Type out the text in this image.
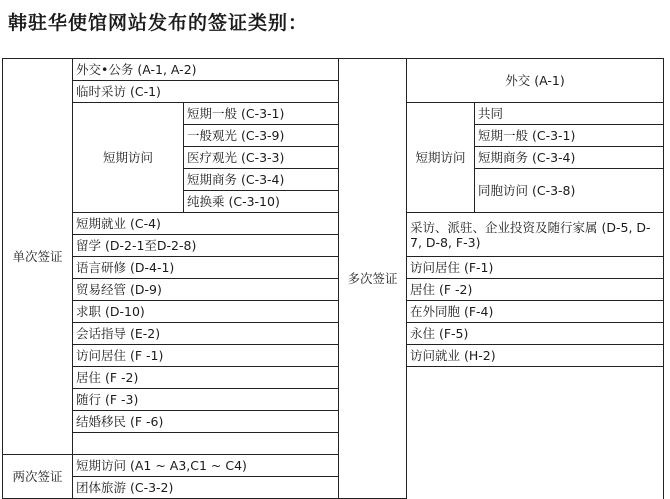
韩驻华使馆网站发布的签证类别：
单次签证	外交•公务 (A-1, A-2)		多次签证	外交 (A-1)	
	临时采访 (C-1)				
	短期访问	短期一般 (C-3-1)		短期访问	共同
		一般观光 (C-3-9)			短期一般 (C-3-1)
		医疗观光 (C-3-3)			短期商务 (C-3-4)
		短期商务 (C-3-4)			同胞访问 (C-3-8)
		纯换乘 (C-3-10)			
	短期就业 (C-4)			采访、派驻、企业投资及随行家属 (D-5, D-7, D-8, F-3)	
	留学 (D-2-1至D-2-8)				
	语言研修 (D-4-1)			访问居住 (F-1)	
	贸易经管 (D-9)			居住 (F -2)	
	求职 (D-10)			在外同胞 (F-4)	
	会话指导 (E-2)			永住 (F-5)	
	访问居住 (F -1)			访问就业 (H-2)	
	居住 (F -2)				
	随行 (F -3)				
	结婚移民 (F -6)				

两次签证	短期访问 (A1 ~ A3,C1 ~ C4)				
	团体旅游 (C-3-2)				
